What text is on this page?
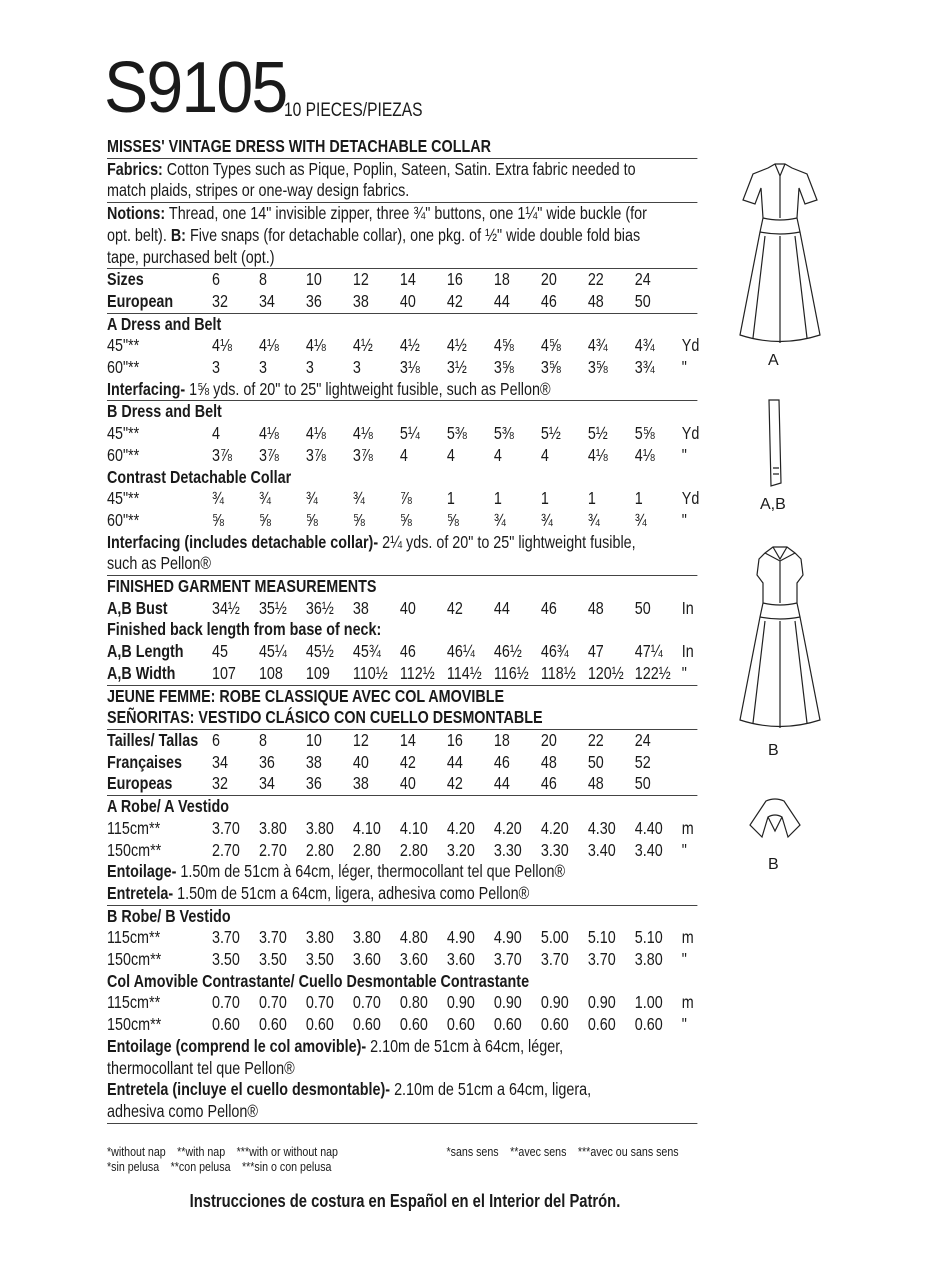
S9105
10 PIECES/PIEZAS
MISSES' VINTAGE DRESS WITH DETACHABLE COLLAR
Fabrics: Cotton Types such as Pique, Poplin, Sateen, Satin. Extra fabric needed to
match plaids, stripes or one-way design fabrics.
Notions: Thread, one 14" invisible zipper, three ¾" buttons, one 1¼" wide buckle (for
opt. belt). B: Five snaps (for detachable collar), one pkg. of ½" wide double fold bias
tape, purchased belt (opt.)
Sizes	6	8	10	12	14	16	18	20	22	24
European	32	34	36	38	40	42	44	46	48	50
A Dress and Belt
45"**	4⅛	4⅛	4⅛	4½	4½	4½	4⅝	4⅝	4¾	4¾	Yd
60"**	3	3	3	3	3⅛	3½	3⅝	3⅝	3⅝	3¾	"
Interfacing- 1⅝ yds. of 20" to 25" lightweight fusible, such as Pellon®
B Dress and Belt
45"**	4	4⅛	4⅛	4⅛	5¼	5⅜	5⅜	5½	5½	5⅝	Yd
60"**	3⅞	3⅞	3⅞	3⅞	4	4	4	4	4⅛	4⅛	"
Contrast Detachable Collar
45"**	¾	¾	¾	¾	⅞	1	1	1	1	1	Yd
60"**	⅝	⅝	⅝	⅝	⅝	⅝	¾	¾	¾	¾	"
Interfacing (includes detachable collar)- 2¼ yds. of 20" to 25" lightweight fusible,
such as Pellon®
FINISHED GARMENT MEASUREMENTS
A,B Bust	34½	35½	36½	38	40	42	44	46	48	50	In
Finished back length from base of neck:
A,B Length	45	45¼	45½	45¾	46	46¼	46½	46¾	47	47¼	In
A,B Width	107	108	109	110½ 112½ 114½ 116½ 118½ 120½ 122½ "
JEUNE FEMME: ROBE CLASSIQUE AVEC COL AMOVIBLE
SEÑORITAS: VESTIDO CLÁSICO CON CUELLO DESMONTABLE
Tailles/ Tallas 6	8	10	12	14	16	18	20	22	24
Françaises	34	36	38	40	42	44	46	48	50	52
Europeas	32	34	36	38	40	42	44	46	48	50
A Robe/ A Vestido
115cm**	3.70	3.80	3.80	4.10	4.10	4.20	4.20	4.20	4.30	4.40	m
150cm**	2.70	2.70	2.80	2.80	2.80	3.20	3.30	3.30	3.40	3.40	"
Entoilage- 1.50m de 51cm à 64cm, léger, thermocollant tel que Pellon®
Entretela- 1.50m de 51cm a 64cm, ligera, adhesiva como Pellon®
B Robe/ B Vestido
115cm**	3.70	3.70	3.80	3.80	4.80	4.90	4.90	5.00	5.10	5.10	m
150cm**	3.50	3.50	3.50	3.60	3.60	3.60	3.70	3.70	3.70	3.80	"
Col Amovible Contrastante/ Cuello Desmontable Contrastante
115cm**	0.70	0.70	0.70	0.70	0.80	0.90	0.90	0.90	0.90	1.00	m
150cm**	0.60	0.60	0.60	0.60	0.60	0.60	0.60	0.60	0.60	0.60	"
Entoilage (comprend le col amovible)- 2.10m de 51cm à 64cm, léger,
thermocollant tel que Pellon®
Entretela (incluye el cuello desmontable)- 2.10m de 51cm a 64cm, ligera,
adhesiva como Pellon®
*without nap **with nap ***with or without nap
*sin pelusa **con pelusa ***sin o con pelusa
*sans sens **avec sens ***avec ou sans sens
Instrucciones de costura en Español en el Interior del Patrón.
A
A,B
B
B
